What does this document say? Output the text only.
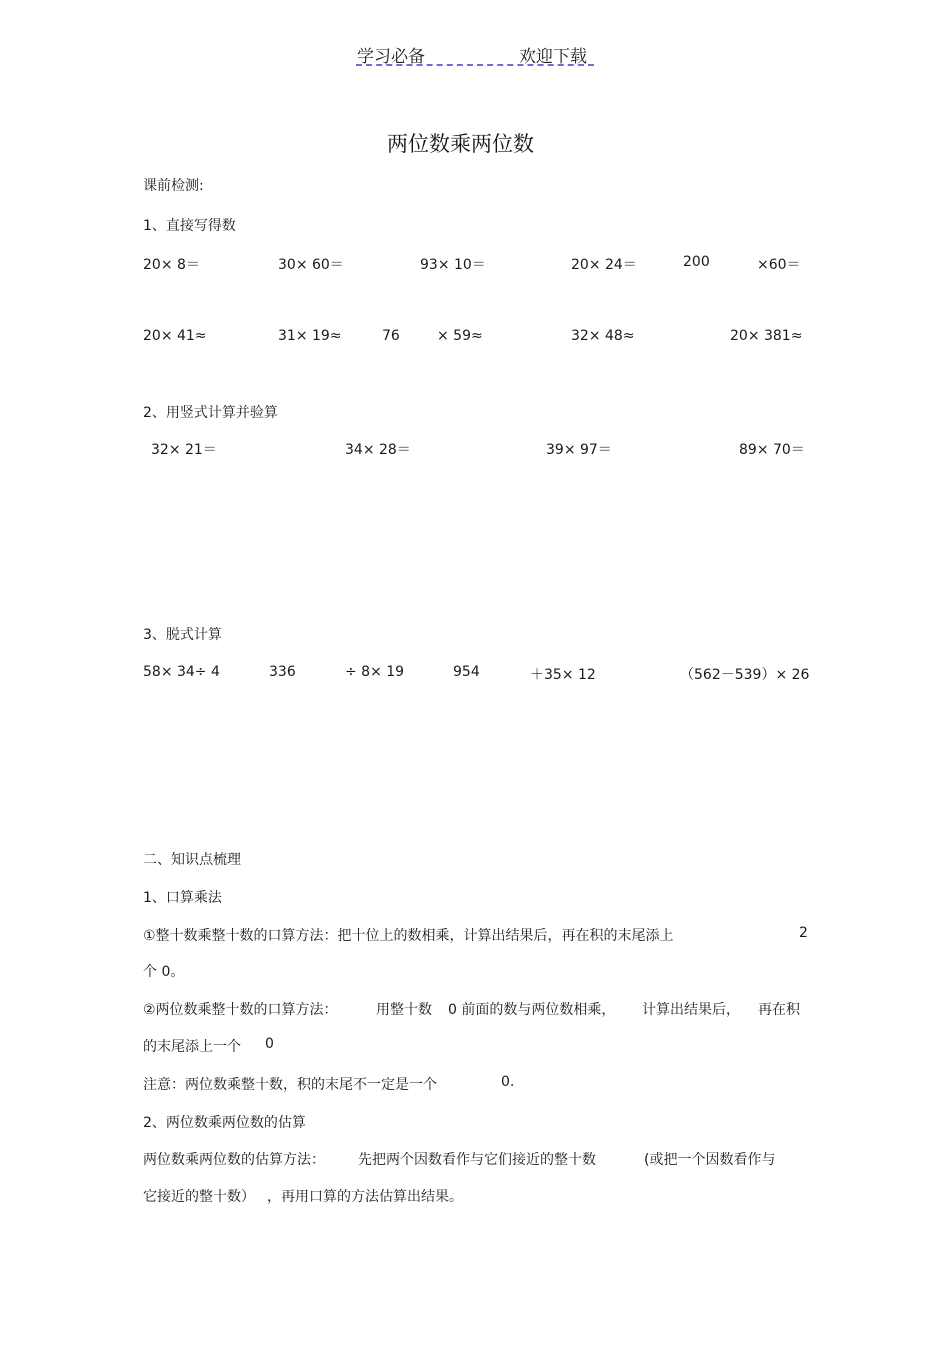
学习必备	欢迎下载
两位数乘两位数
课前检测:
1、直接写得数
20× 8＝	30× 60＝	93× 10＝	20× 24＝	200	×60＝
20× 41≈	31× 19≈	76	× 59≈	32× 48≈	20× 381≈
2、用竖式计算并验算
32× 21＝	34× 28＝	39× 97＝	89× 70＝
3、脱式计算
58× 34÷ 4	336	÷ 8× 19	954	＋35× 12	（562－539）× 26
二、知识点梳理
1、口算乘法
①整十数乘整十数的口算方法：把十位上的数相乘，计算出结果后，再在积的末尾添上	2
个 0。
②两位数乘整十数的口算方法：	用整十数 0 前面的数与两位数相乘， 计算出结果后， 再在积
的末尾添上一个 0
注意：两位数乘整十数，积的末尾不一定是一个	0.
2、两位数乘两位数的估算
两位数乘两位数的估算方法： 先把两个因数看作与它们接近的整十数	(或把一个因数看作与
它接近的整十数） ，再用口算的方法估算出结果。
